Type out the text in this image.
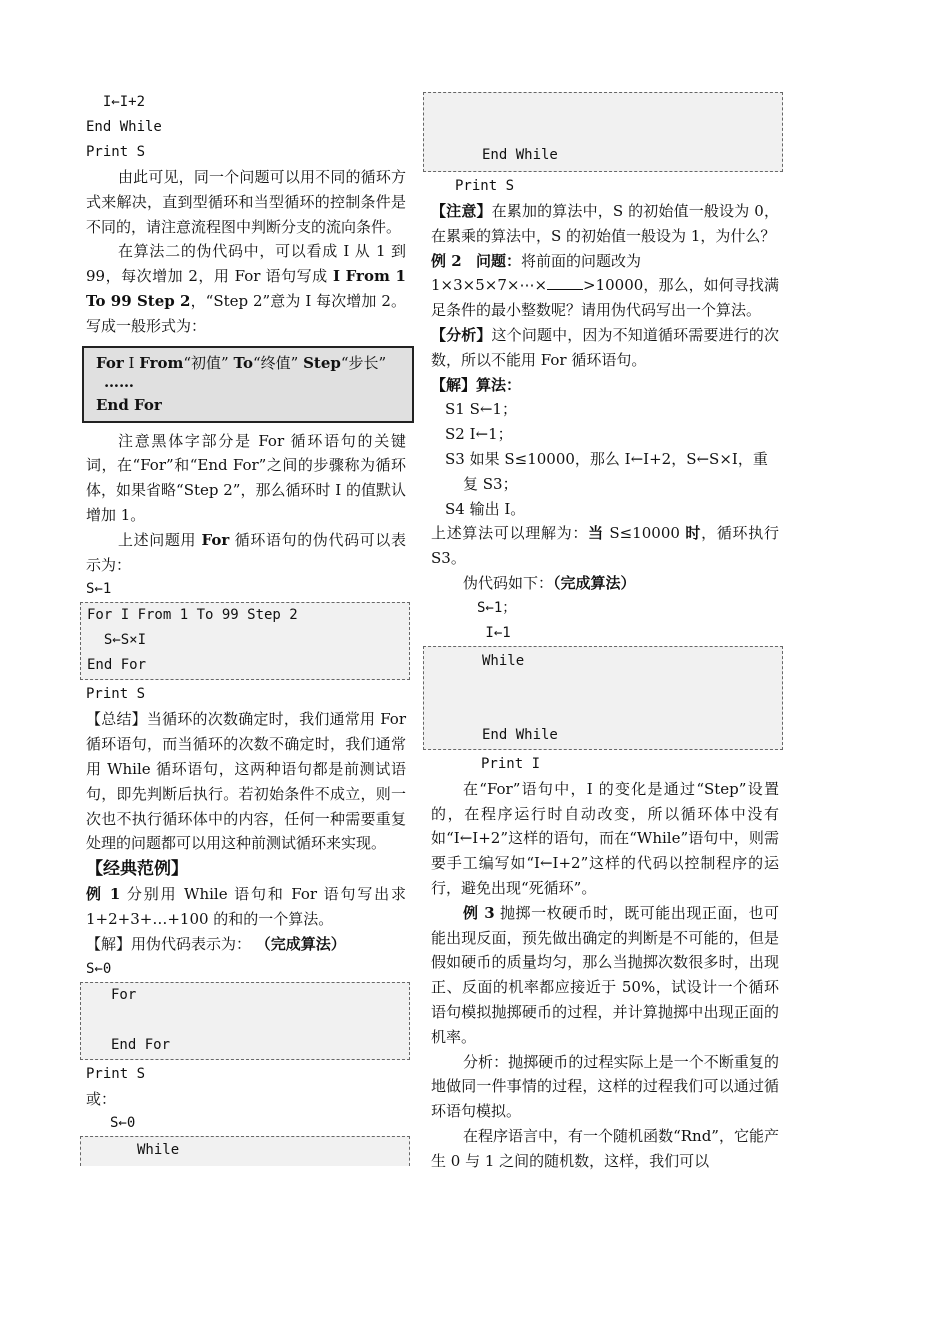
I←I+2
End While
Print S

由此可见，同一个问题可以用不同的循环方式来解决，直到型循环和当型循环的控制条件是不同的，请注意流程图中判断分支的流向条件。

在算法二的伪代码中，可以看成 I 从 1 到 99，每次增加 2，用 For 语句写成 I From 1 To 99 Step 2，“Step 2”意为 I 每次增加 2。写成一般形式为：

For I From“初值” To“终值” Step“步长”
……
End For

注意黑体字部分是 For 循环语句的关键词，在“For”和“End For”之间的步骤称为循环体，如果省略“Step 2”，那么循环时 I 的值默认增加 1。

上述问题用 For 循环语句的伪代码可以表示为：

S←1
For I From 1 To 99 Step 2
S←S×I
End For
Print S

【总结】当循环的次数确定时，我们通常用 For 循环语句，而当循环的次数不确定时，我们通常用 While 循环语句，这两种语句都是前测试语句，即先判断后执行。若初始条件不成立，则一次也不执行循环体中的内容，任何一种需要重复处理的问题都可以用这种前测试循环来实现。

【经典范例】

例 1 分别用 While 语句和 For 语句写出求 1+2+3+…+100 的和的一个算法。

【解】用伪代码表示为： （完成算法）

S←0
For
End For
Print S

或：

S←0
While
End While
Print S

【注意】在累加的算法中，S 的初始值一般设为 0，在累乘的算法中，S 的初始值一般设为 1，为什么？

例 2 问题：将前面的问题改为
1×3×5×7×⋯× >10000，那么，如何寻找满足条件的最小整数呢？请用伪代码写出一个算法。

【分析】这个问题中，因为不知道循环需要进行的次数，所以不能用 For 循环语句。

【解】算法：

S1 S←1；

S2 I←1；

S3 如果 S≤10000，那么 I←I+2，S←S×I，重

复 S3；

S4 输出 I。

上述算法可以理解为：当 S≤10000 时，循环执行 S3。

伪代码如下：（完成算法）

S←1；
I←1
While
End While
Print I

在“For”语句中，I 的变化是通过“Step”设置的，在程序运行时自动改变，所以循环体中没有如“I←I+2”这样的语句，而在“While”语句中，则需要手工编写如“I←I+2”这样的代码以控制程序的运行，避免出现“死循环”。

例 3 抛掷一枚硬币时，既可能出现正面，也可能出现反面，预先做出确定的判断是不可能的，但是假如硬币的质量均匀，那么当抛掷次数很多时，出现正、反面的机率都应接近于 50%，试设计一个循环语句模拟抛掷硬币的过程，并计算抛掷中出现正面的机率。

分析：抛掷硬币的过程实际上是一个不断重复的地做同一件事情的过程，这样的过程我们可以通过循环语句模拟。

在程序语言中，有一个随机函数“Rnd”，它能产生 0 与 1 之间的随机数，这样，我们可以
